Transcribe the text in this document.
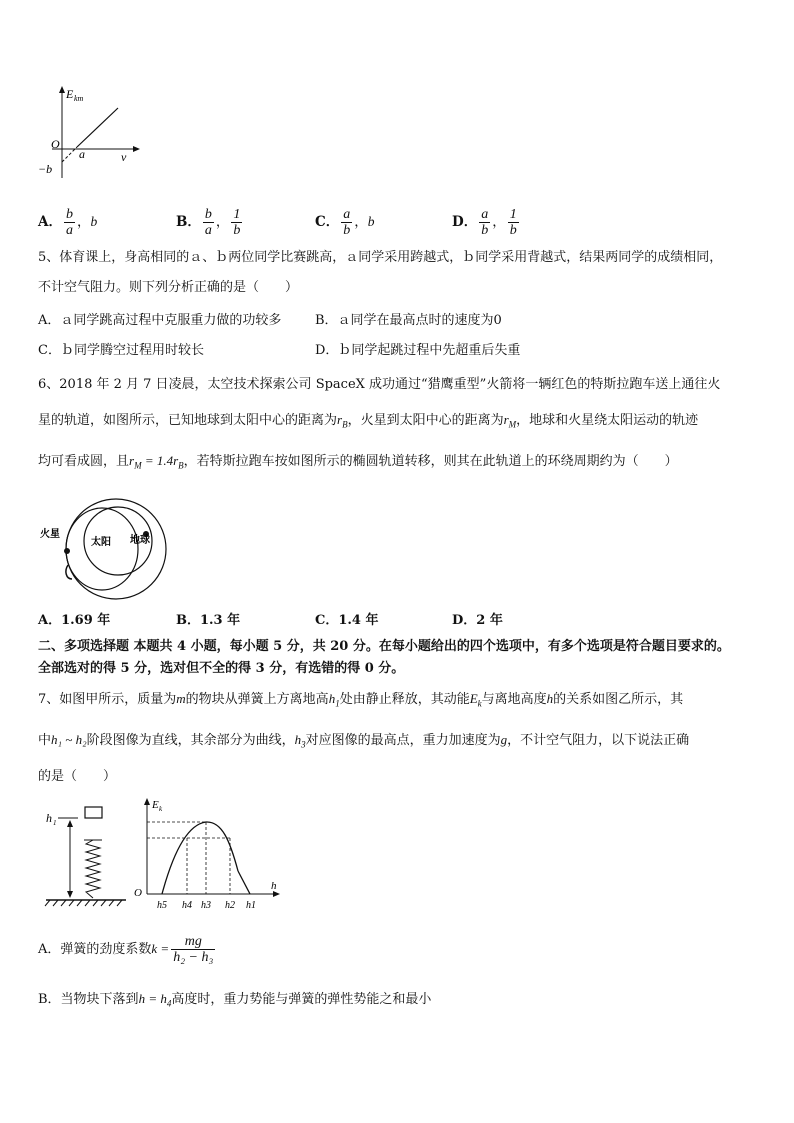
E km
O
a	v
−b
A． $\frac{b}{a}$ ，b	B． $\frac{b}{a}$ ， $\frac{1}{b}$	C． $\frac{a}{b}$ ，b	D． $\frac{a}{b}$ ， $\frac{1}{b}$
5、体育课上，身高相同的ａ、ｂ两位同学比赛跳高，ａ同学采用跨越式，ｂ同学采用背越式，结果两同学的成绩相同，
不计空气阻力。则下列分析正确的是（　　）
A．ａ同学跳高过程中克服重力做的功较多	B．ａ同学在最高点时的速度为0
C．ｂ同学腾空过程用时较长	D．ｂ同学起跳过程中先超重后失重
6、2018 年 2 月 7 日凌晨，太空技术探索公司 SpaceX 成功通过“猎鹰重型”火箭将一辆红色的特斯拉跑车送上通往火
星的轨道，如图所示，已知地球到太阳中心的距离为$r_B$，火星到太阳中心的距离为$r_M$，地球和火星绕太阳运动的轨迹
均可看成圆，且$r_M = 1.4r_B$，若特斯拉跑车按如图所示的椭圆轨道转移，则其在此轨道上的环绕周期约为（　　）
火星
太阳 地球
A．1.69 年	B．1.3 年	C．1.4 年	D．2 年
二、多项选择题 本题共 4 小题，每小题 5 分，共 20 分。在每小题给出的四个选项中，有多个选项是符合题目要求的。
全部选对的得 5 分，选对但不全的得 3 分，有选错的得 0 分。
7、如图甲所示，质量为m的物块从弹簧上方离地高$h_1$处由静止释放，其动能$E_k$与离地高度h的关系如图乙所示，其
中h₁ ~ h₂阶段图像为直线，其余部分为曲线，$h_3$对应图像的最高点，重力加速度为g，不计空气阻力，以下说法正确
的是（　　）
h 1
E k
O
h
h5 h4 h3 h2 h1
A．弹簧的劲度系数$k = \frac{mg}{\text{h₂ − h₃}}$
B．当物块下落到$h = h_4$高度时，重力势能与弹簧的弹性势能之和最小
